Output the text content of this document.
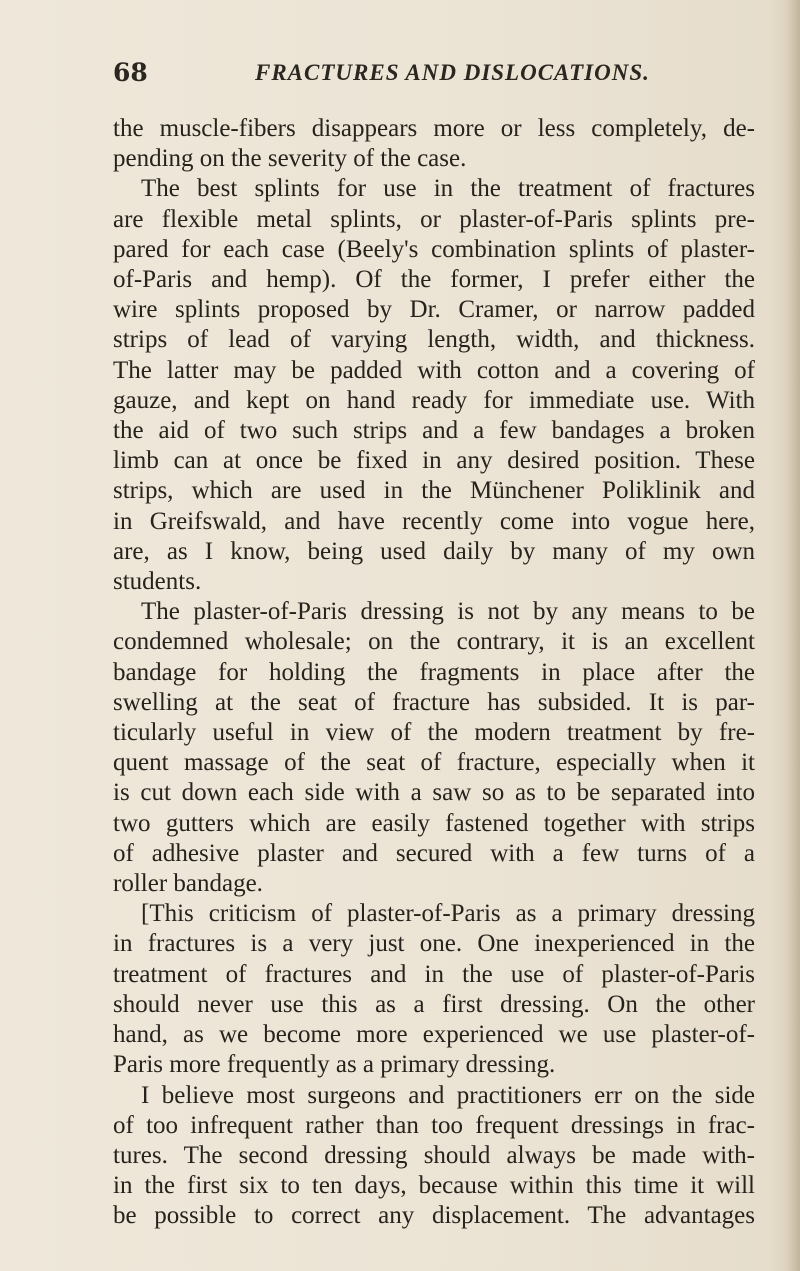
68	FRACTURES AND DISLOCATIONS.
the muscle-fibers disappears more or less completely, de-
pending on the severity of the case.
The best splints for use in the treatment of fractures
are flexible metal splints, or plaster-of-Paris splints pre-
pared for each case (Beely's combination splints of plaster-
of-Paris and hemp). Of the former, I prefer either the
wire splints proposed by Dr. Cramer, or narrow padded
strips of lead of varying length, width, and thickness.
The latter may be padded with cotton and a covering of
gauze, and kept on hand ready for immediate use. With
the aid of two such strips and a few bandages a broken
limb can at once be fixed in any desired position. These
strips, which are used in the Münchener Poliklinik and
in Greifswald, and have recently come into vogue here,
are, as I know, being used daily by many of my own
students.
The plaster-of-Paris dressing is not by any means to be
condemned wholesale; on the contrary, it is an excellent
bandage for holding the fragments in place after the
swelling at the seat of fracture has subsided. It is par-
ticularly useful in view of the modern treatment by fre-
quent massage of the seat of fracture, especially when it
is cut down each side with a saw so as to be separated into
two gutters which are easily fastened together with strips
of adhesive plaster and secured with a few turns of a
roller bandage.
[This criticism of plaster-of-Paris as a primary dressing
in fractures is a very just one. One inexperienced in the
treatment of fractures and in the use of plaster-of-Paris
should never use this as a first dressing. On the other
hand, as we become more experienced we use plaster-of-
Paris more frequently as a primary dressing.
I believe most surgeons and practitioners err on the side
of too infrequent rather than too frequent dressings in frac-
tures. The second dressing should always be made with-
in the first six to ten days, because within this time it will
be possible to correct any displacement. The advantages
